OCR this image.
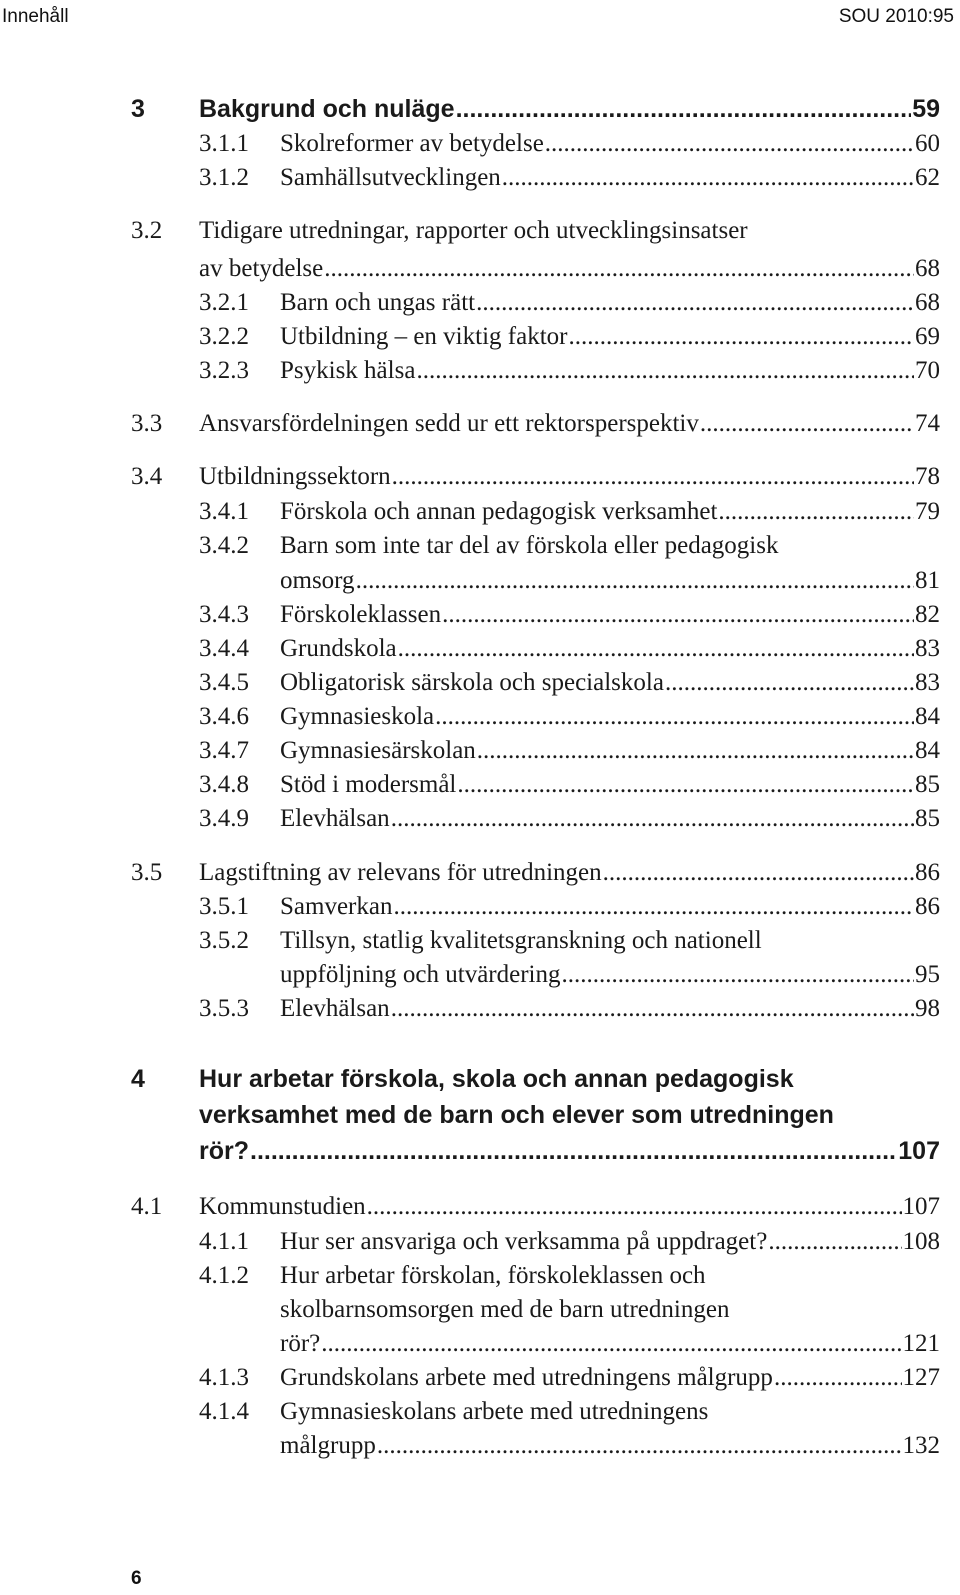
Innehåll	SOU 2010:95
3 Bakgrund och nuläge .....	59
3.1.1 Skolreformer av betydelse .....	60
3.1.2 Samhällsutvecklingen .....	62
3.2 Tidigare utredningar, rapporter och utvecklingsinsatser
av betydelse .....	68
3.2.1 Barn och ungas rätt .....	68
3.2.2 Utbildning – en viktig faktor .....	69
3.2.3 Psykisk hälsa .....	70
3.3 Ansvarsfördelningen sedd ur ett rektorsperspektiv .....	74
3.4 Utbildningssektorn .....	78
3.4.1 Förskola och annan pedagogisk verksamhet .....	79
3.4.2 Barn som inte tar del av förskola eller pedagogisk
omsorg .....	81
3.4.3 Förskoleklassen .....	82
3.4.4 Grundskola .....	83
3.4.5 Obligatorisk särskola och specialskola .....	83
3.4.6 Gymnasieskola .....	84
3.4.7 Gymnasiesärskolan .....	84
3.4.8 Stöd i modersmål .....	85
3.4.9 Elevhälsan .....	85
3.5 Lagstiftning av relevans för utredningen .....	86
3.5.1 Samverkan .....	86
3.5.2 Tillsyn, statlig kvalitetsgranskning och nationell
uppföljning och utvärdering .....	95
3.5.3 Elevhälsan .....	98
4 Hur arbetar förskola, skola och annan pedagogisk
verksamhet med de barn och elever som utredningen
rör? .....	107
4.1 Kommunstudien .....	107
4.1.1 Hur ser ansvariga och verksamma på uppdraget? .....	108
4.1.2 Hur arbetar förskolan, förskoleklassen och
skolbarnsomsorgen med de barn utredningen
rör? .....	121
4.1.3 Grundskolans arbete med utredningens målgrupp .....	127
4.1.4 Gymnasieskolans arbete med utredningens
målgrupp .....	132
6
